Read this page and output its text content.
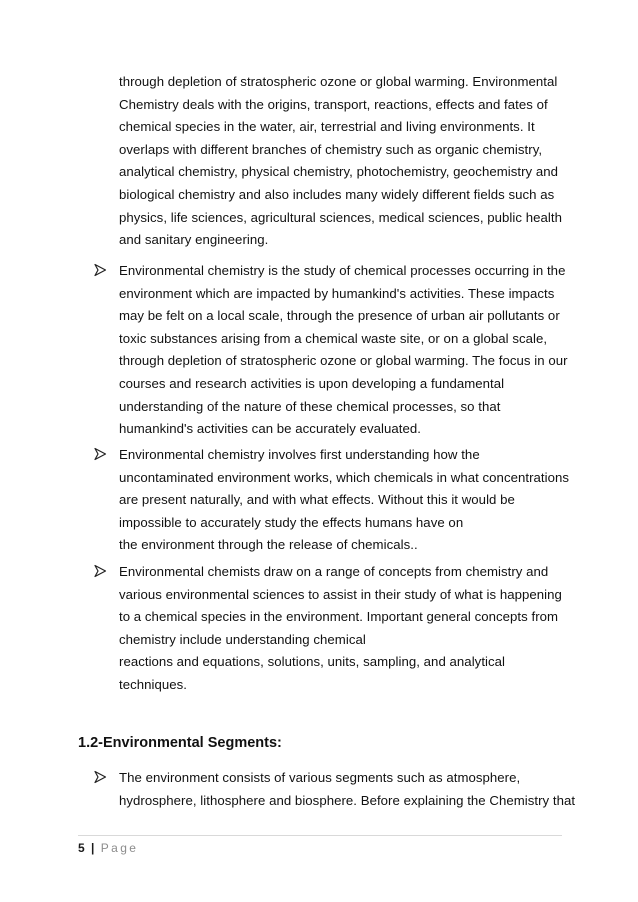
through depletion of stratospheric ozone or global warming. Environmental
Chemistry deals with the origins, transport, reactions, effects and fates of
chemical species in the water, air, terrestrial and living environments. It
overlaps with different branches of chemistry such as organic chemistry,
analytical chemistry, physical chemistry, photochemistry, geochemistry and
biological chemistry and also includes many widely different fields such as
physics, life sciences, agricultural sciences, medical sciences, public health
and sanitary engineering.
Environmental chemistry is the study of chemical processes occurring in the
environment which are impacted by humankind's activities. These impacts
may be felt on a local scale, through the presence of urban air pollutants or
toxic substances arising from a chemical waste site, or on a global scale,
through depletion of stratospheric ozone or global warming. The focus in our
courses and research activities is upon developing a fundamental
understanding of the nature of these chemical processes, so that
humankind's activities can be accurately evaluated.
Environmental chemistry involves first understanding how the
uncontaminated environment works, which chemicals in what concentrations
are present naturally, and with what effects. Without this it would be
impossible to accurately study the effects humans have on
the environment through the release of chemicals..
Environmental chemists draw on a range of concepts from chemistry and
various environmental sciences to assist in their study of what is happening
to a chemical species in the environment. Important general concepts from
chemistry include understanding chemical
reactions and equations, solutions, units, sampling, and analytical
techniques.
1.2-Environmental Segments:
The environment consists of various segments such as atmosphere,
hydrosphere, lithosphere and biosphere. Before explaining the Chemistry that
5 | Page
